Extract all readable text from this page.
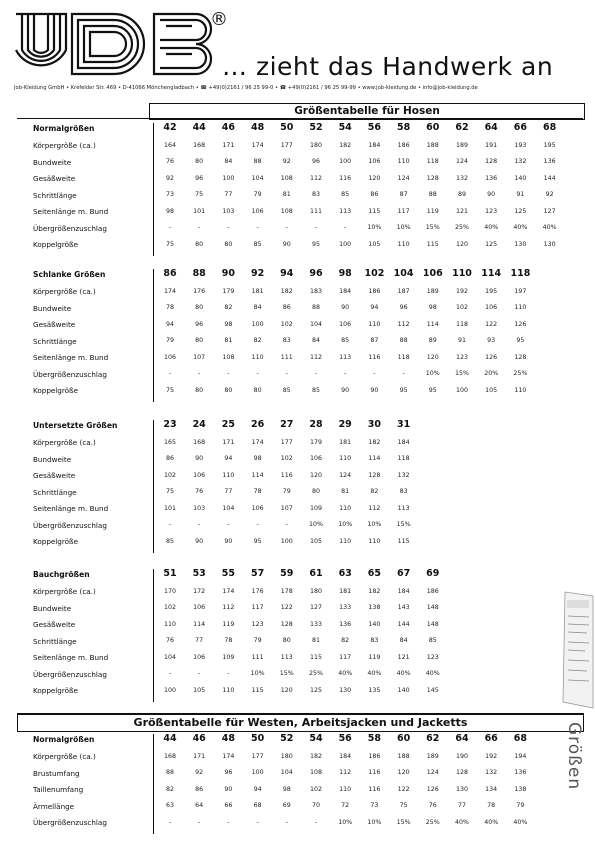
®
… zieht das Handwerk an
Job-Kleidung GmbH • Krefelder Str. 469 • D-41066 Mönchengladbach • ☎ +49(0)2161 / 96 25 99-0 • ☎ +49(0)2161 / 96 25 99-99 • www.job-kleidung.de • info@job-kleidung.de
Größentabelle für Hosen
Normalgrößen	42	44	46	48	50	52	54	56	58	60	62	64	66	68
Körpergröße (ca.)	164	168	171	174	177	180	182	184	186	188	189	191	193	195
Bundweite	76	80	84	88	92	96	100	106	110	118	124	128	132	136
Gesäßweite	92	96	100	104	108	112	116	120	124	128	132	136	140	144
Schrittlänge	73	75	77	79	81	83	85	86	87	88	89	90	91	92
Seitenlänge m. Bund	98	101	103	106	108	111	113	115	117	119	121	123	125	127
Übergrößenzuschlag	-	-	-	-	-	-	-	10%	10%	15%	25%	40%	40%	40%
Koppelgröße	75	80	80	85	90	95	100	105	110	115	120	125	130	130
Schlanke Größen	86	88	90	92	94	96	98	102 104 106 110 114 118
Körpergröße (ca.)	174	176	179	181	182	183	184	186	187	189	192	195	197
Bundweite	78	80	82	84	86	88	90	94	96	98	102	106	110
Gesäßweite	94	96	98	100	102	104	106	110	112	114	118	122	126
Schrittlänge	79	80	81	82	83	84	85	87	88	89	91	93	95
Seitenlänge m. Bund	106	107	108	110	111	112	113	116	118	120	123	126	128
Übergrößenzuschlag	-	-	-	-	-	-	-	-	-	10%	15%	20%	25%
Koppelgröße	75	80	80	80	85	85	90	90	95	95	100	105	110
Untersetzte Größen	23	24	25	26	27	28	29	30	31
Körpergröße (ca.)	165	168	171	174	177	179	181	182	184
Bundweite	86	90	94	98	102	106	110	114	118
Gesäßweite	102	106	110	114	116	120	124	128	132
Schrittlänge	75	76	77	78	79	80	81	82	83
Seitenlänge m. Bund	101	103	104	106	107	109	110	112	113
Übergrößenzuschlag	-	-	-	-	-	10%	10%	10%	15%
Koppelgröße	85	90	90	95	100	105	110	110	115
Bauchgrößen	51	53	55	57	59	61	63	65	67	69
Körpergröße (ca.)	170	172	174	176	178	180	181	182	184	186
Bundweite	102	106	112	117	122	127	133	138	143	148
Gesäßweite	110	114	119	123	128	133	136	140	144	148
Schrittlänge	76	77	78	79	80	81	82	83	84	85
Seitenlänge m. Bund	104	106	109	111	113	115	117	119	121	123
Übergrößenzuschlag	-	-	-	10%	15%	25%	40%	40%	40%	40%
Koppelgröße	100	105	110	115	120	125	130	135	140	145
Normalgrößen	44	46	48	50	52	54	56	58	60	62	64	66	68
Körpergröße (ca.)	168	171	174	177	180	182	184	186	188	189	190	192	194
Brustumfang	88	92	96	100	104	108	112	116	120	124	128	132	136
Taillenumfang	82	86	90	94	98	102	110	116	122	126	130	134	138
Ärmellänge	63	64	66	68	69	70	72	73	75	76	77	78	79
Übergrößenzuschlag	-	-	-	-	-	-	10%	10%	15%	25%	40%	40%	40%
Größentabelle für Westen, Arbeitsjacken und Jacketts	Größen
